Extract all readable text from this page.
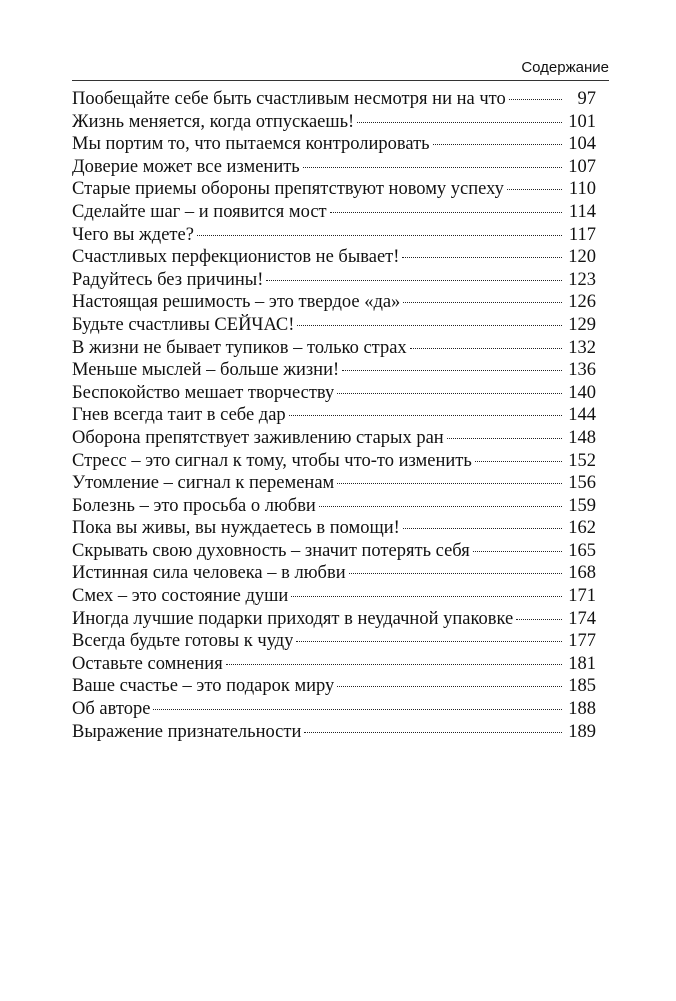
Содержание
Пообещайте себе быть счастливым несмотря ни на что	97
Жизнь меняется, когда отпускаешь!	101
Мы портим то, что пытаемся контролировать	104
Доверие может все изменить	107
Старые приемы обороны препятствуют новому успеху	110
Сделайте шаг – и появится мост	114
Чего вы ждете?	117
Счастливых перфекционистов не бывает!	120
Радуйтесь без причины!	123
Настоящая решимость – это твердое «да»	126
Будьте счастливы СЕЙЧАС!	129
В жизни не бывает тупиков – только страх	132
Меньше мыслей – больше жизни!	136
Беспокойство мешает творчеству	140
Гнев всегда таит в себе дар	144
Оборона препятствует заживлению старых ран	148
Стресс – это сигнал к тому, чтобы что-то изменить	152
Утомление – сигнал к переменам	156
Болезнь – это просьба о любви	159
Пока вы живы, вы нуждаетесь в помощи!	162
Скрывать свою духовность – значит потерять себя	165
Истинная сила человека – в любви	168
Смех – это состояние души	171
Иногда лучшие подарки приходят в неудачной упаковке	174
Всегда будьте готовы к чуду	177
Оставьте сомнения	181
Ваше счастье – это подарок миру	185
Об авторе	188
Выражение признательности	189
